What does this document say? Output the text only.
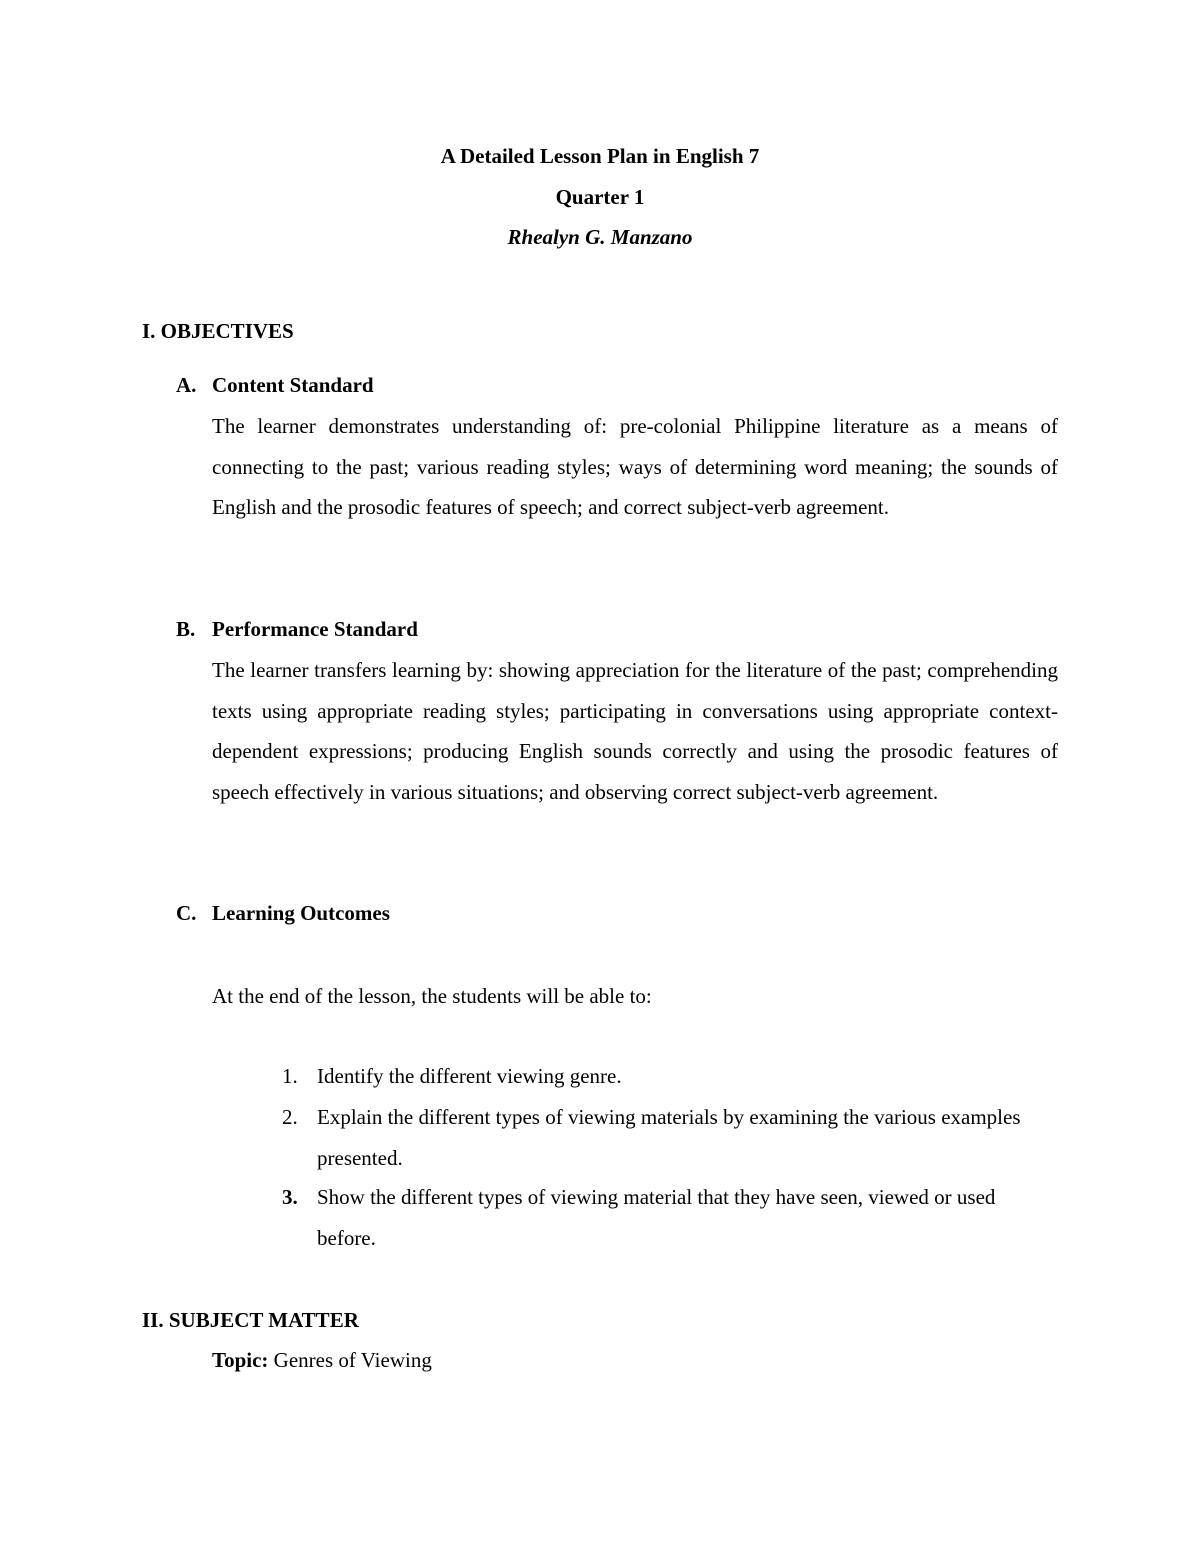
A Detailed Lesson Plan in English 7
Quarter 1
Rhealyn G. Manzano
I. OBJECTIVES
A. Content Standard
The learner demonstrates understanding of: pre-colonial Philippine literature as a means of connecting to the past; various reading styles; ways of determining word meaning; the sounds of English and the prosodic features of speech; and correct subject-verb agreement.
B. Performance Standard
The learner transfers learning by: showing appreciation for the literature of the past; comprehending texts using appropriate reading styles; participating in conversations using appropriate context-dependent expressions; producing English sounds correctly and using the prosodic features of speech effectively in various situations; and observing correct subject-verb agreement.
C. Learning Outcomes
At the end of the lesson, the students will be able to:
1. Identify the different viewing genre.
2. Explain the different types of viewing materials by examining the various examples presented.
3. Show the different types of viewing material that they have seen, viewed or used before.
II. SUBJECT MATTER
Topic: Genres of Viewing
